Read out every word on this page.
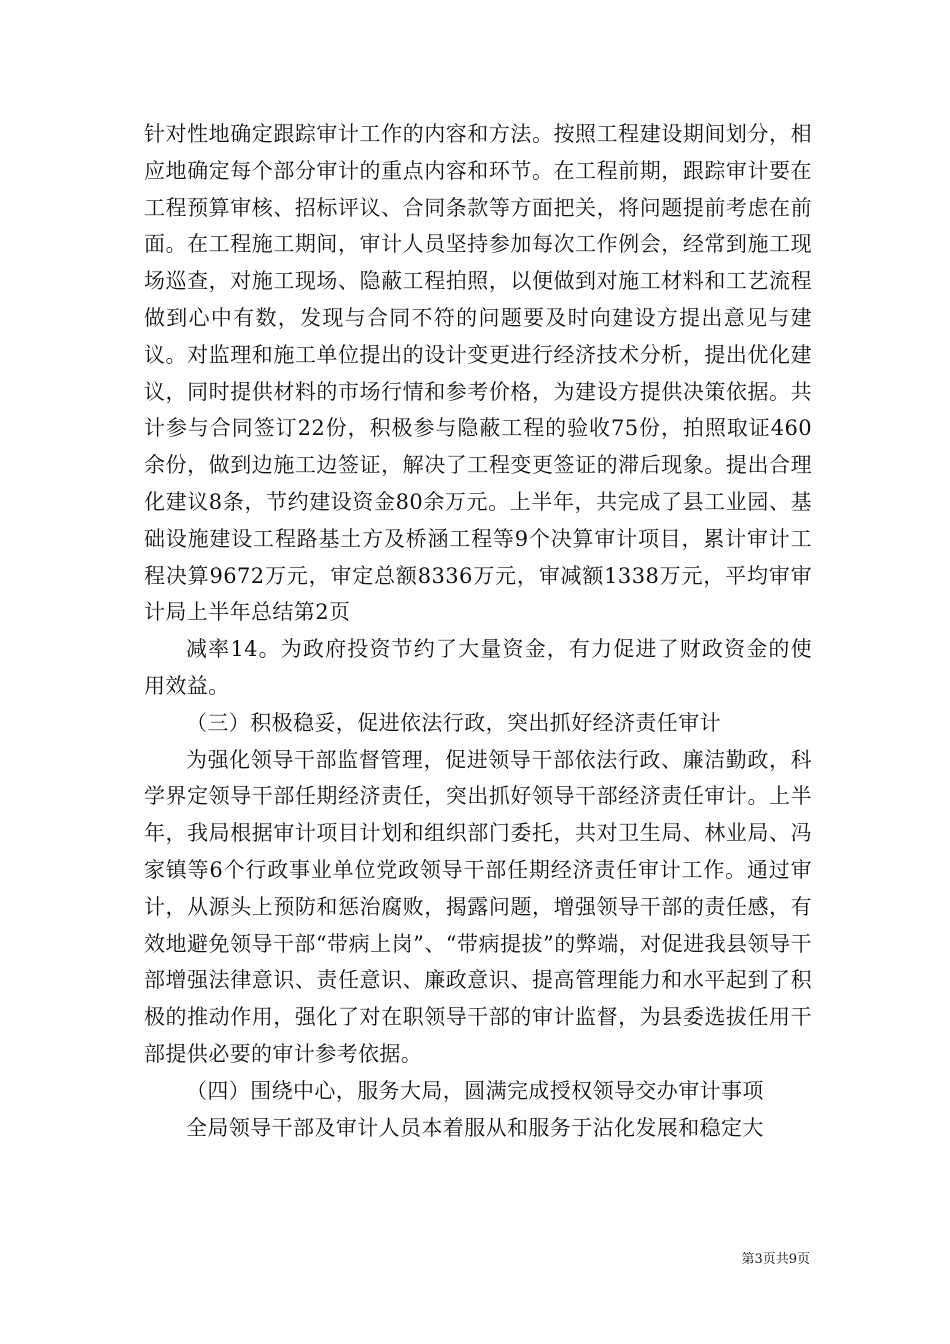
针对性地确定跟踪审计工作的内容和方法。按照工程建设期间划分，相应地确定每个部分审计的重点内容和环节。在工程前期，跟踪审计要在工程预算审核、招标评议、合同条款等方面把关，将问题提前考虑在前面。在工程施工期间，审计人员坚持参加每次工作例会，经常到施工现场巡查，对施工现场、隐蔽工程拍照，以便做到对施工材料和工艺流程做到心中有数，发现与合同不符的问题要及时向建设方提出意见与建议。对监理和施工单位提出的设计变更进行经济技术分析，提出优化建议，同时提供材料的市场行情和参考价格，为建设方提供决策依据。共计参与合同签订22份，积极参与隐蔽工程的验收75份，拍照取证460余份，做到边施工边签证，解决了工程变更签证的滞后现象。提出合理化建议8条，节约建设资金80余万元。上半年，共完成了县工业园、基础设施建设工程路基土方及桥涵工程等9个决算审计项目，累计审计工程决算9672万元，审定总额8336万元，审减额1338万元，平均审审计局上半年总结第2页

减率14。为政府投资节约了大量资金，有力促进了财政资金的使用效益。

（三）积极稳妥，促进依法行政，突出抓好经济责任审计

为强化领导干部监督管理，促进领导干部依法行政、廉洁勤政，科学界定领导干部任期经济责任，突出抓好领导干部经济责任审计。上半年，我局根据审计项目计划和组织部门委托，共对卫生局、林业局、冯家镇等6个行政事业单位党政领导干部任期经济责任审计工作。通过审计，从源头上预防和惩治腐败，揭露问题，增强领导干部的责任感，有效地避免领导干部“带病上岗”、“带病提拔”的弊端，对促进我县领导干部增强法律意识、责任意识、廉政意识、提高管理能力和水平起到了积极的推动作用，强化了对在职领导干部的审计监督，为县委选拔任用干部提供必要的审计参考依据。

（四）围绕中心，服务大局，圆满完成授权领导交办审计事项

全局领导干部及审计人员本着服从和服务于沾化发展和稳定大

第3页共9页
